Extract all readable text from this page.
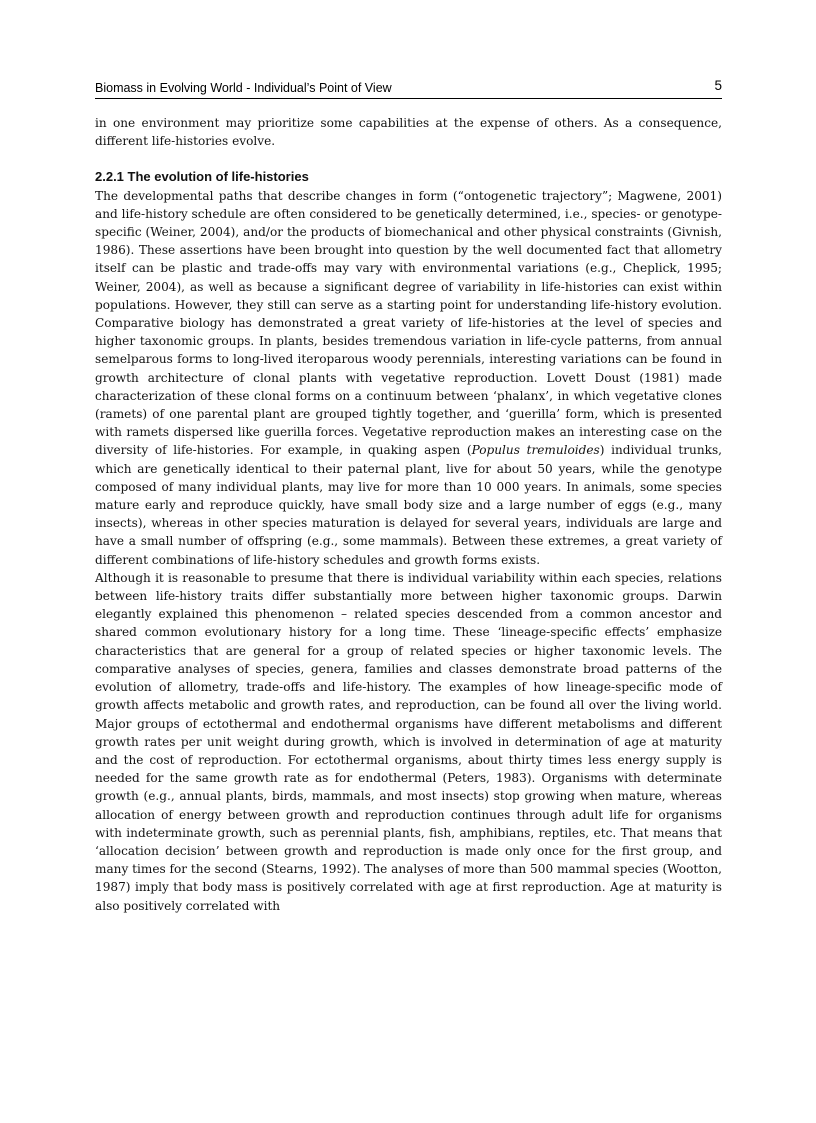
Biomass in Evolving World - Individual’s Point of View	5

in one environment may prioritize some capabilities at the expense of others. As a consequence, different life-histories evolve.

2.2.1 The evolution of life-histories

The developmental paths that describe changes in form (“ontogenetic trajectory”; Magwene, 2001) and life-history schedule are often considered to be genetically determined, i.e., species- or genotype-specific (Weiner, 2004), and/or the products of biomechanical and other physical constraints (Givnish, 1986). These assertions have been brought into question by the well documented fact that allometry itself can be plastic and trade-offs may vary with environmental variations (e.g., Cheplick, 1995; Weiner, 2004), as well as because a significant degree of variability in life-histories can exist within populations. However, they still can serve as a starting point for understanding life-history evolution. Comparative biology has demonstrated a great variety of life-histories at the level of species and higher taxonomic groups. In plants, besides tremendous variation in life-cycle patterns, from annual semelparous forms to long-lived iteroparous woody perennials, interesting variations can be found in growth architecture of clonal plants with vegetative reproduction. Lovett Doust (1981) made characterization of these clonal forms on a continuum between ‘phalanx’, in which vegetative clones (ramets) of one parental plant are grouped tightly together, and ‘guerilla’ form, which is presented with ramets dispersed like guerilla forces. Vegetative reproduction makes an interesting case on the diversity of life-histories. For example, in quaking aspen (Populus tremuloides) individual trunks, which are genetically identical to their paternal plant, live for about 50 years, while the genotype composed of many individual plants, may live for more than 10 000 years. In animals, some species mature early and reproduce quickly, have small body size and a large number of eggs (e.g., many insects), whereas in other species maturation is delayed for several years, individuals are large and have a small number of offspring (e.g., some mammals). Between these extremes, a great variety of different combinations of life-history schedules and growth forms exists.

Although it is reasonable to presume that there is individual variability within each species, relations between life-history traits differ substantially more between higher taxonomic groups. Darwin elegantly explained this phenomenon – related species descended from a common ancestor and shared common evolutionary history for a long time. These ‘lineage-specific effects’ emphasize characteristics that are general for a group of related species or higher taxonomic levels. The comparative analyses of species, genera, families and classes demonstrate broad patterns of the evolution of allometry, trade-offs and life-history. The examples of how lineage-specific mode of growth affects metabolic and growth rates, and reproduction, can be found all over the living world. Major groups of ectothermal and endothermal organisms have different metabolisms and different growth rates per unit weight during growth, which is involved in determination of age at maturity and the cost of reproduction. For ectothermal organisms, about thirty times less energy supply is needed for the same growth rate as for endothermal (Peters, 1983). Organisms with determinate growth (e.g., annual plants, birds, mammals, and most insects) stop growing when mature, whereas allocation of energy between growth and reproduction continues through adult life for organisms with indeterminate growth, such as perennial plants, fish, amphibians, reptiles, etc. That means that ‘allocation decision’ between growth and reproduction is made only once for the first group, and many times for the second (Stearns, 1992). The analyses of more than 500 mammal species (Wootton, 1987) imply that body mass is positively correlated with age at first reproduction. Age at maturity is also positively correlated with
